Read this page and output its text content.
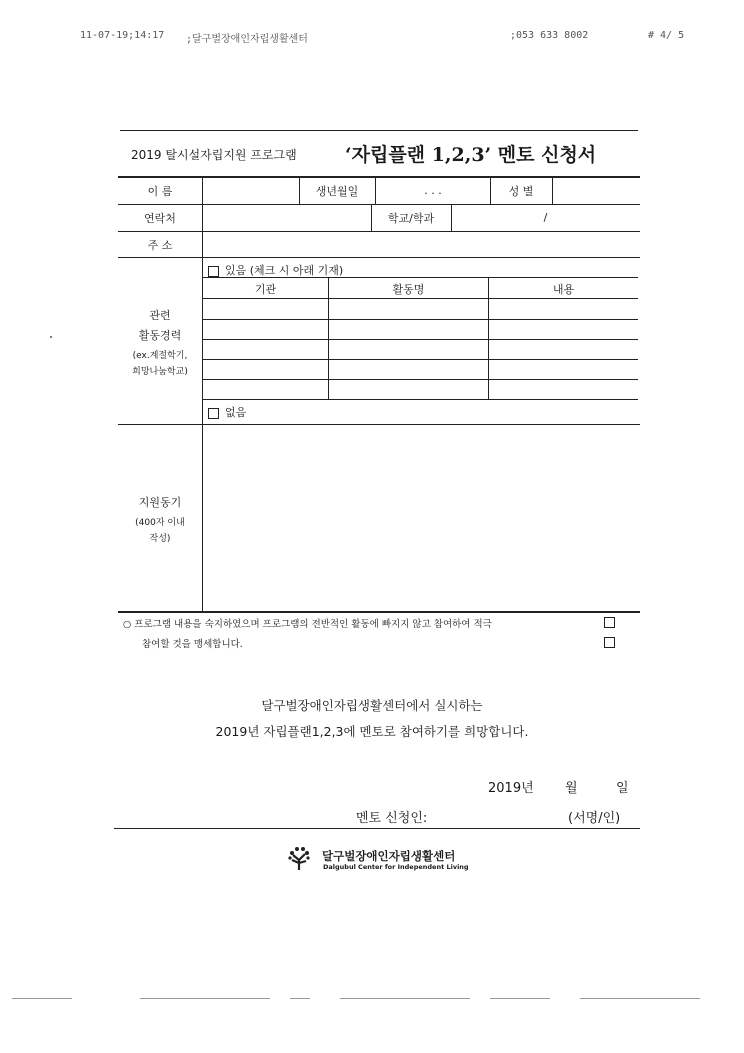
11-07-19;14:17 ;달구벌장애인자립생활센터	;053 633 8002	# 4/ 5
2019 탈시설자립지원 프로그램	‘자립플랜 1,2,3’ 멘토 신청서
이 름	생년월일	. . .	성 별
연락처	학교/학과	/
주 소
있음 (체크 시 아래 기재)
기관	활동명	내용
없음
관련
활동경력
(ex.계절학기,
희망나눔학교)
지원동기
(400자 이내
작성)
○ 프로그램 내용을 숙지하였으며 프로그램의 전반적인 활동에 빠지지 않고 참여하여 적극
참여할 것을 맹세합니다.
달구벌장애인자립생활센터에서 실시하는
2019년 자립플랜1,2,3에 멘토로 참여하기를 희망합니다.
2019년 월	일
멘토 신청인:	(서명/인)
달구벌장애인자립생활센터
Dalgubul Center for Independent Living
